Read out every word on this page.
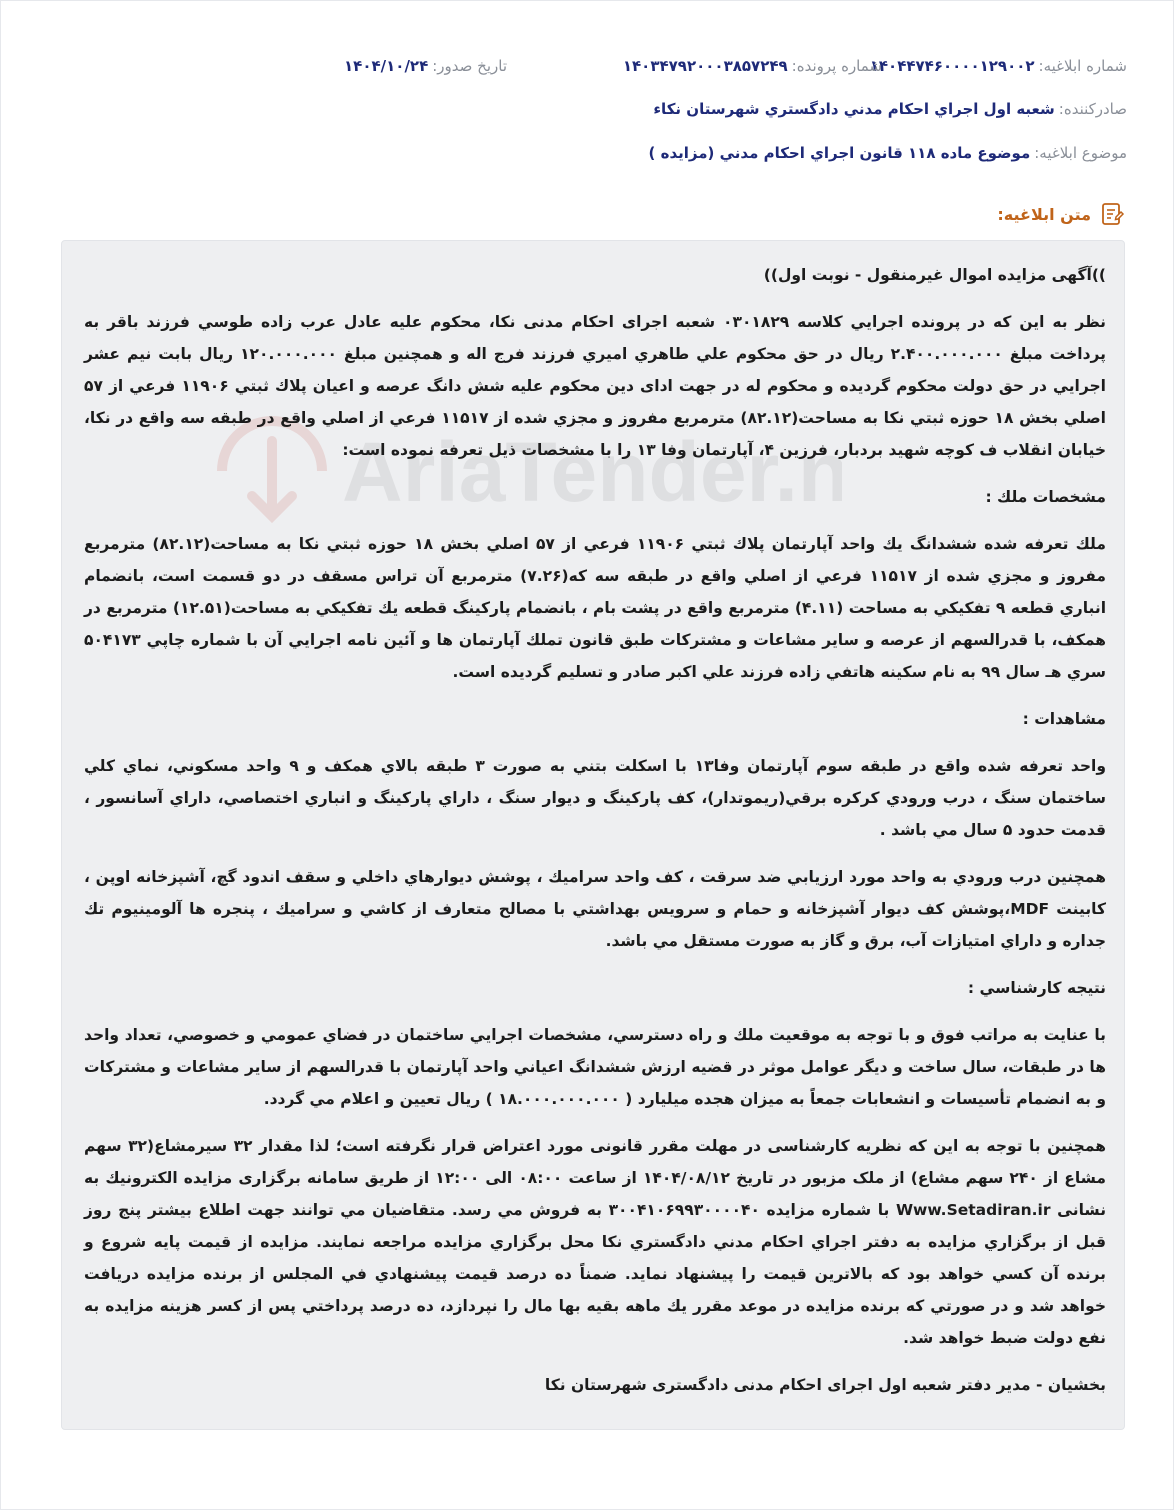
شماره ابلاغيه:
۱۴۰۴۴۷۴۶۰۰۰۰۱۲۹۰۰۲
شماره پرونده:
۱۴۰۳۴۷۹۲۰۰۰۳۸۵۷۲۴۹
تاريخ صدور:
۱۴۰۴/۱۰/۲۴
صادرکننده:
شعبه اول اجراي احکام مدني دادگستري شهرستان نکاء
موضوع ابلاغيه:
موضوع ماده ۱۱۸ قانون اجراي احکام مدني (مزايده )
متن ابلاغيه:
AriaTender.n

))آگهی مزايده اموال غيرمنقول - نوبت اول))

نظر به اين که در پرونده اجرايي كلاسه ۰۳۰۱۸۲۹ شعبه اجرای احکام مدنی نکا، محکوم عليه عادل عرب زاده طوسي فرزند باقر به پرداخت مبلغ ۲.۴۰۰.۰۰۰.۰۰۰ ريال در حق محكوم علي طاهري اميري فرزند فرج اله و همچنين مبلغ ۱۲۰.۰۰۰.۰۰۰ ريال بابت نيم عشر اجرايي در حق دولت محكوم گرديده و محکوم له در جهت ادای دين محکوم عليه شش دانگ عرصه و اعيان پلاك ثبتي ۱۱۹۰۶ فرعي از ۵۷ اصلي بخش ۱۸ حوزه ثبتي نكا به مساحت(۸۲.۱۲) مترمربع مفروز و مجزي شده از ۱۱۵۱۷ فرعي از اصلي واقع در طبقه سه واقع در نكا، خيابان انقلاب ف کوچه شهيد بردبار، فرزين ۴، آپارتمان وفا ۱۳ را با مشخصات ذيل تعرفه نموده است:

مشخصات ملك :

ملك تعرفه شده ششدانگ يك واحد آپارتمان پلاك ثبتي ۱۱۹۰۶ فرعي از ۵۷ اصلي بخش ۱۸ حوزه ثبتي نكا به مساحت(۸۲.۱۲) مترمربع مفروز و مجزي شده از ۱۱۵۱۷ فرعي از اصلي واقع در طبقه سه كه(۷.۲۶) مترمربع آن تراس مسقف در دو قسمت است، بانضمام انباري قطعه ۹ تفكيكي به مساحت (۴.۱۱) مترمربع واقع در پشت بام ، بانضمام پاركينگ قطعه يك تفكيكي به مساحت(۱۲.۵۱) مترمربع در همكف، با قدرالسهم از عرصه و ساير مشاعات و مشتركات طبق قانون تملك آپارتمان ها و آئين نامه اجرايي آن با شماره چاپي ۵۰۴۱۷۳ سري هـ سال ۹۹ به نام سكينه هاتفي زاده فرزند علي اكبر صادر و تسليم گرديده است.

مشاهدات :

واحد تعرفه شده واقع در طبقه سوم آپارتمان وفا۱۳ با اسكلت بتني به صورت ۳ طبقه بالاي همكف و ۹ واحد مسكوني، نماي كلي ساختمان سنگ ، درب ورودي كركره برقي(ريموتدار)، كف پاركينگ و ديوار سنگ ، داراي پاركينگ و انباري اختصاصي، داراي آسانسور ، قدمت حدود ۵ سال مي باشد .

همچنين درب ورودي به واحد مورد ارزيابي ضد سرقت ، كف واحد سراميك ، پوشش ديوارهاي داخلي و سقف اندود گچ، آشپزخانه اوپن ، كابينت MDF،پوشش كف ديوار آشپزخانه و حمام و سرويس بهداشتي با مصالح متعارف از كاشي و سراميك ، پنجره ها آلومينيوم تك جداره و داراي امتيازات آب، برق و گاز به صورت مستقل مي باشد.

نتيجه كارشناسي :

با عنايت به مراتب فوق و با توجه به موقعيت ملك و راه دسترسي، مشخصات اجرايي ساختمان در فضاي عمومي و خصوصي، تعداد واحد ها در طبقات، سال ساخت و ديگر عوامل موثر در قضيه ارزش ششدانگ اعياني واحد آپارتمان با قدرالسهم از ساير مشاعات و مشتركات و به انضمام تأسيسات و انشعابات جمعاً به ميزان هجده ميليارد ( ۱۸.۰۰۰.۰۰۰.۰۰۰ ) ريال تعيين و اعلام مي گردد.

همچنين با توجه به اين كه نظريه كارشناسی در مهلت مقرر قانونی مورد اعتراض قرار نگرفته است؛ لذا مقدار ۳۲ سيرمشاع(۳۲ سهم مشاع از ۲۴۰ سهم مشاع) از ملک مزبور در تاريخ ۱۴۰۴/۰۸/۱۲ از ساعت ۰۸:۰۰ الی ۱۲:۰۰ از طريق سامانه برگزاری مزايده الكترونيك به نشانی Www.Setadiran.ir با شماره مزايده ۳۰۰۴۱۰۶۹۹۳۰۰۰۰۴۰ به فروش مي رسد. متقاضيان مي توانند جهت اطلاع بيشتر پنج روز قبل از برگزاري مزايده به دفتر اجراي احكام مدني دادگستري نكا محل برگزاري مزايده مراجعه نمايند. مزايده از قيمت پايه شروع و برنده آن كسي خواهد بود كه بالاترين قيمت را پيشنهاد نمايد. ضمناً ده درصد قيمت پيشنهادي في المجلس از برنده مزايده دريافت خواهد شد و در صورتي كه برنده مزايده در موعد مقرر يك ماهه بقيه بها مال را نپردازد، ده درصد پرداختي پس از كسر هزينه مزايده به نفع دولت ضبط خواهد شد.

بخشيان - مدير دفتر شعبه اول اجرای احكام مدنی دادگستری شهرستان نكا
